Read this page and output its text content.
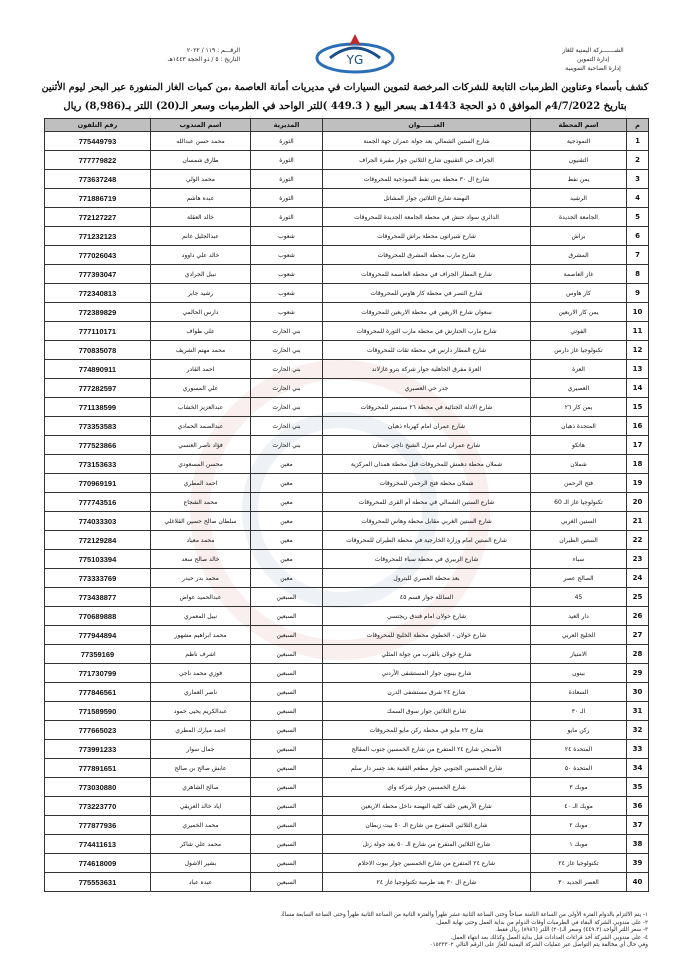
الشـــــــركة اليمنية للغاز
إدارة التموين
إدارة الصاحبة التموينية
YG
الرقـــم : ١١٩ / ٢٠٢٢
التاريخ : ٥ / ذو الحجة ١٤٤٣هـ
كشف بأسماء وعناوين الطرمبات التابعة للشركات المرخصة لتموين السيارات في مديريات أمانة العاصمة ،من كميات الغاز المنفورة عبر البحر ليوم الأثنين
بتاريخ 4/7/2022م الموافق ٥ ذو الحجة 1443هـ بسعر البيع ( 449.3 )للتر الواحد في الطرمبات وسعر الـ(20) اللتر بـ(8,986) ريال
م	اسم المحطة	العنــــــوان	المديرية	اسم المندوب	رقم التلفون
1	التموذجية	شارع الستين الشمالي بعد جولة عمران جهة الجمنة	الثورة	محمد حسن عبدالله	775449793
2	التقنيون	الجراف حي التقنيون شارع الثلاثين جوار مقبرة الجراف	الثورة	طارق شمسان	777779822
3	يمن نفط	شارع ال ٣٠ محطة يمن نفط النموذجية للمحروقات	الثورة	محمد الولي	773637248
4	الرشيد	النهضة شارع الثلاثين جوار المشاتل	الثورة	عبده هاشم	771886719
5	الجامعة الجديدة	الدائري سواد حنش في محطة الجامعة الجديدة للمحروقات	الثورة	خالد العقلة	772127227
6	براش	شارع شيراتون محطة براش للمحروقات	شعوب	عبدالجليل غانم	771232123
7	المشرق	شارع مارب محطة المشرق للمحروقات	شعوب	خالد علي داوود	777026043
8	غاز العاصمة	شارع المطار الجراف في محطة العاصمة للمحروقات	شعوب	نبيل الجرادي	777393047
9	كار هاوس	شارع النصر في محطة كار هاوس للمحروقات	شعوب	رشيد جابر	772340813
10	يمن كار الاربعين	سعوان شارع الاربعين في محطة الاربعين للمحروقات	شعوب	دارس الحالمي	772389829
11	الفوتي	شارع مارب الحتارش في محطة مارب الثورة للمحروقات	بني الحارث	علي طواف	777110171
12	تكنولوجيا غاز دارس	شارع المطار دارس في محطة ثقات للمحروقات	بني الحارث	محمد مهتم الشريف	770835078
13	العزة	العزة مفرق الجاهلية جوار شركة يترو غازلاند	بني الحارث	احمد القادر	774890911
14	العصيري	جدر حي العصيري	بني الحارث	علي المسوري	777282597
15	يمن كار ٢٦	شارع الادلة الجنائية في محطة ٢٦ سبتمبر للمحروقات	بني الحارث	عبدالعزيز الخشاب	771138599
16	المتحدة ذهبان	شارع عمران امام كهرباء ذهبان	بني الحارث	عبدالصمد الحمادي	773353583
17	هاتكو	شارع عمران امام منزل الشيخ ناجي جمعان	بني الحارث	فؤاد ناصر العنسي	777523866
18	شملان	شملان محطة دهمش للمحروقات قبل محطة همدان المركزية	معين	محسن المسعودي	773153633
19	فتح الرحمن	شملان محطة فتح الرحمن للمحروقات	معين	احمد المطري	770969191
20	تكنولوجيا غاز الـ 60	شارع الستين الشمالي في محطة أم القرى للمحروقات	معين	محمد الشجاع	777743516
21	الستين الغربي	شارع الستين الغربي مقابل محطة وهاس للمحروقات	معين	سلطان صالح حسين القلاغلي	774033303
22	الستين الطيران	شارع الستين امام وزارة الخارجية في محطة الطيران للمحروقات	معين	محمد معياد	772129284
23	سباء	شارع الزبيري في محطة سباء للمحروقات	معين	خالد صالح سعد	775103394
24	الصالح عصر	بعد محطة العصري للبترول	معين	محمد بدر حيدر	773333769
25	45	السائلة جوار قسم ٤٥	السبعين	عبدالحميد عواض	773438877
26	دار العيد	شارع خولان امام فندق ريجنسي	السبعين	نبيل المعمري	770689888
27	الخليج العربي	شارع خولان - الخطوي محطة الخليج للمحروقات	السبعين	محمد ابراهيم مشهور	777944894
28	الامتياز	شارع خولان بالقرب من جولة المثلي	السبعين	اشرف ناظم	77359169
29	بينون	شارع بينون جوار المستشفى الأردني	السبعين	فوزي محمد ناجي	771730799
30	السعادة	شارع ٢٤ شرق مستشفى الدرن	السبعين	ناصر العماري	777846561
31	الـ ٣٠	شارع الثلاثين جوار سوق السمك	السبعين	عبدالكريم يحيى حمود	771589590
32	ركن مايو	شارع ٢٢ مايو في محطة ركن مايو للمحروقات	السبعين	احمد مبارك المطري	777665023
33	المتحدة ٢٤	الأصبحي شارع ٢٤ المتفرع من شارع الخمسين جنوب المقالح	السبعين	جمال سوار	773991233
34	المتحدة ٥٠	شارع الخمسين الجنوبي جوار مطعم القفية بعد جسر دار سلم	السبعين	عابش صالح بن صالح	777891651
35	موبك ٣	شارع الخمسين جوار شركة واي	السبعين	صالح الشاهري	773030880
36	موبك الـ ٤٠	شارع الأربعين خلف كلية النهضة داخل محطة الاربعين	السبعين	اياد خالد العريقي	773223770
37	موبك ٢	شارع الثلاثين المتفرع من شارع الـ ٥٠ بيت زبطان	السبعين	محمد الخميري	777877936
38	موبك ١	شارع الثلاثين المتفرع من شارع الـ ٥٠ بعد جولة رتل	السبعين	محمد علي شاكر	774411613
39	تكنولوجيا غاز ٢٤	شارع ٢٤ المتفرع من شارع الخمسين جوار بيوت الاحلام	السبعين	بشير الاشول	774618009
40	العصر الجديد ٣٠	شارع ال ٣٠ بعد طرمبة تكنولوجيا غاز ٢٤	السبعين	عبده عباد	775553631
١- يتم الالتزام بالدوام الفترة الأولى من الساعة الثامنة صباحاً وحتى الساعة الثانية عشر ظهراً والفترة الثانية من الساعة الثانية ظهراً وحتى الساعة السابعة مساءً.
٢- على مندوبي الشركة البقاء في الطرمبات أوقات الدوام من بداية العمل وحتى نهاية العمل.
٣- سعر اللتر الواحد (٤٤٩.٣) وسعر الـ(٢٠) اللتر (٨٩٨٦) ريال فقط.
٤- على مندوبي الشركة أخذ قراءات العدادات قبل بداية العمل وكذلك بعد انتهاء العمل.
وفي حال أي مخالفة يتم التواصل عبر عمليات الشركة اليمنية للغاز على الرقم التالي ٠١٥٣٣٣٠٢
